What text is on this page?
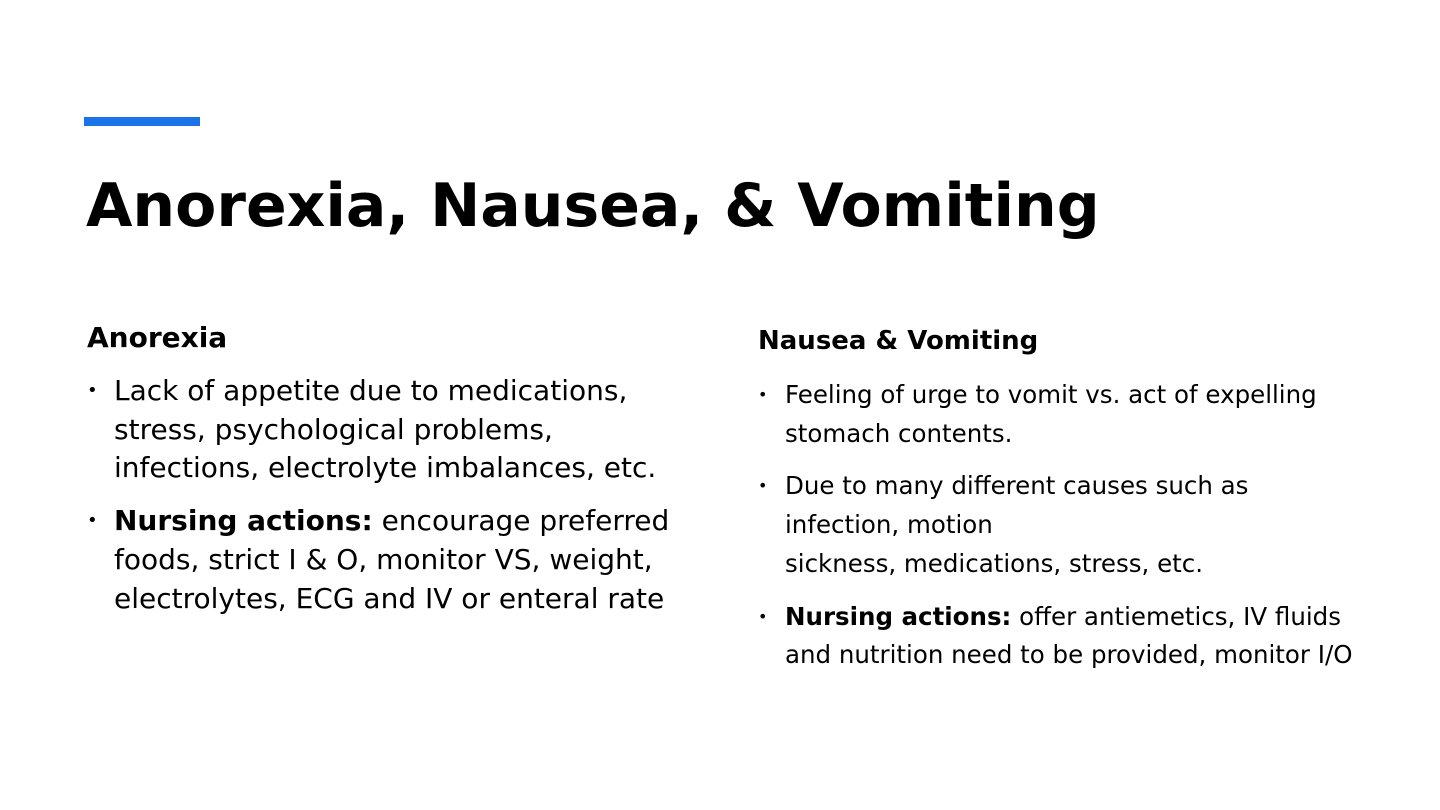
Anorexia, Nausea, & Vomiting
Anorexia
• Lack of appetite due to medications, stress, psychological problems, infections, electrolyte imbalances, etc.
• Nursing actions: encourage preferred foods, strict I & O, monitor VS, weight, electrolytes, ECG and IV or enteral rate
Nausea & Vomiting
• Feeling of urge to vomit vs. act of expelling stomach contents.
• Due to many different causes such as infection, motion
sickness, medications, stress, etc.
• Nursing actions: offer antiemetics, IV fluids and nutrition need to be provided, monitor I/O
